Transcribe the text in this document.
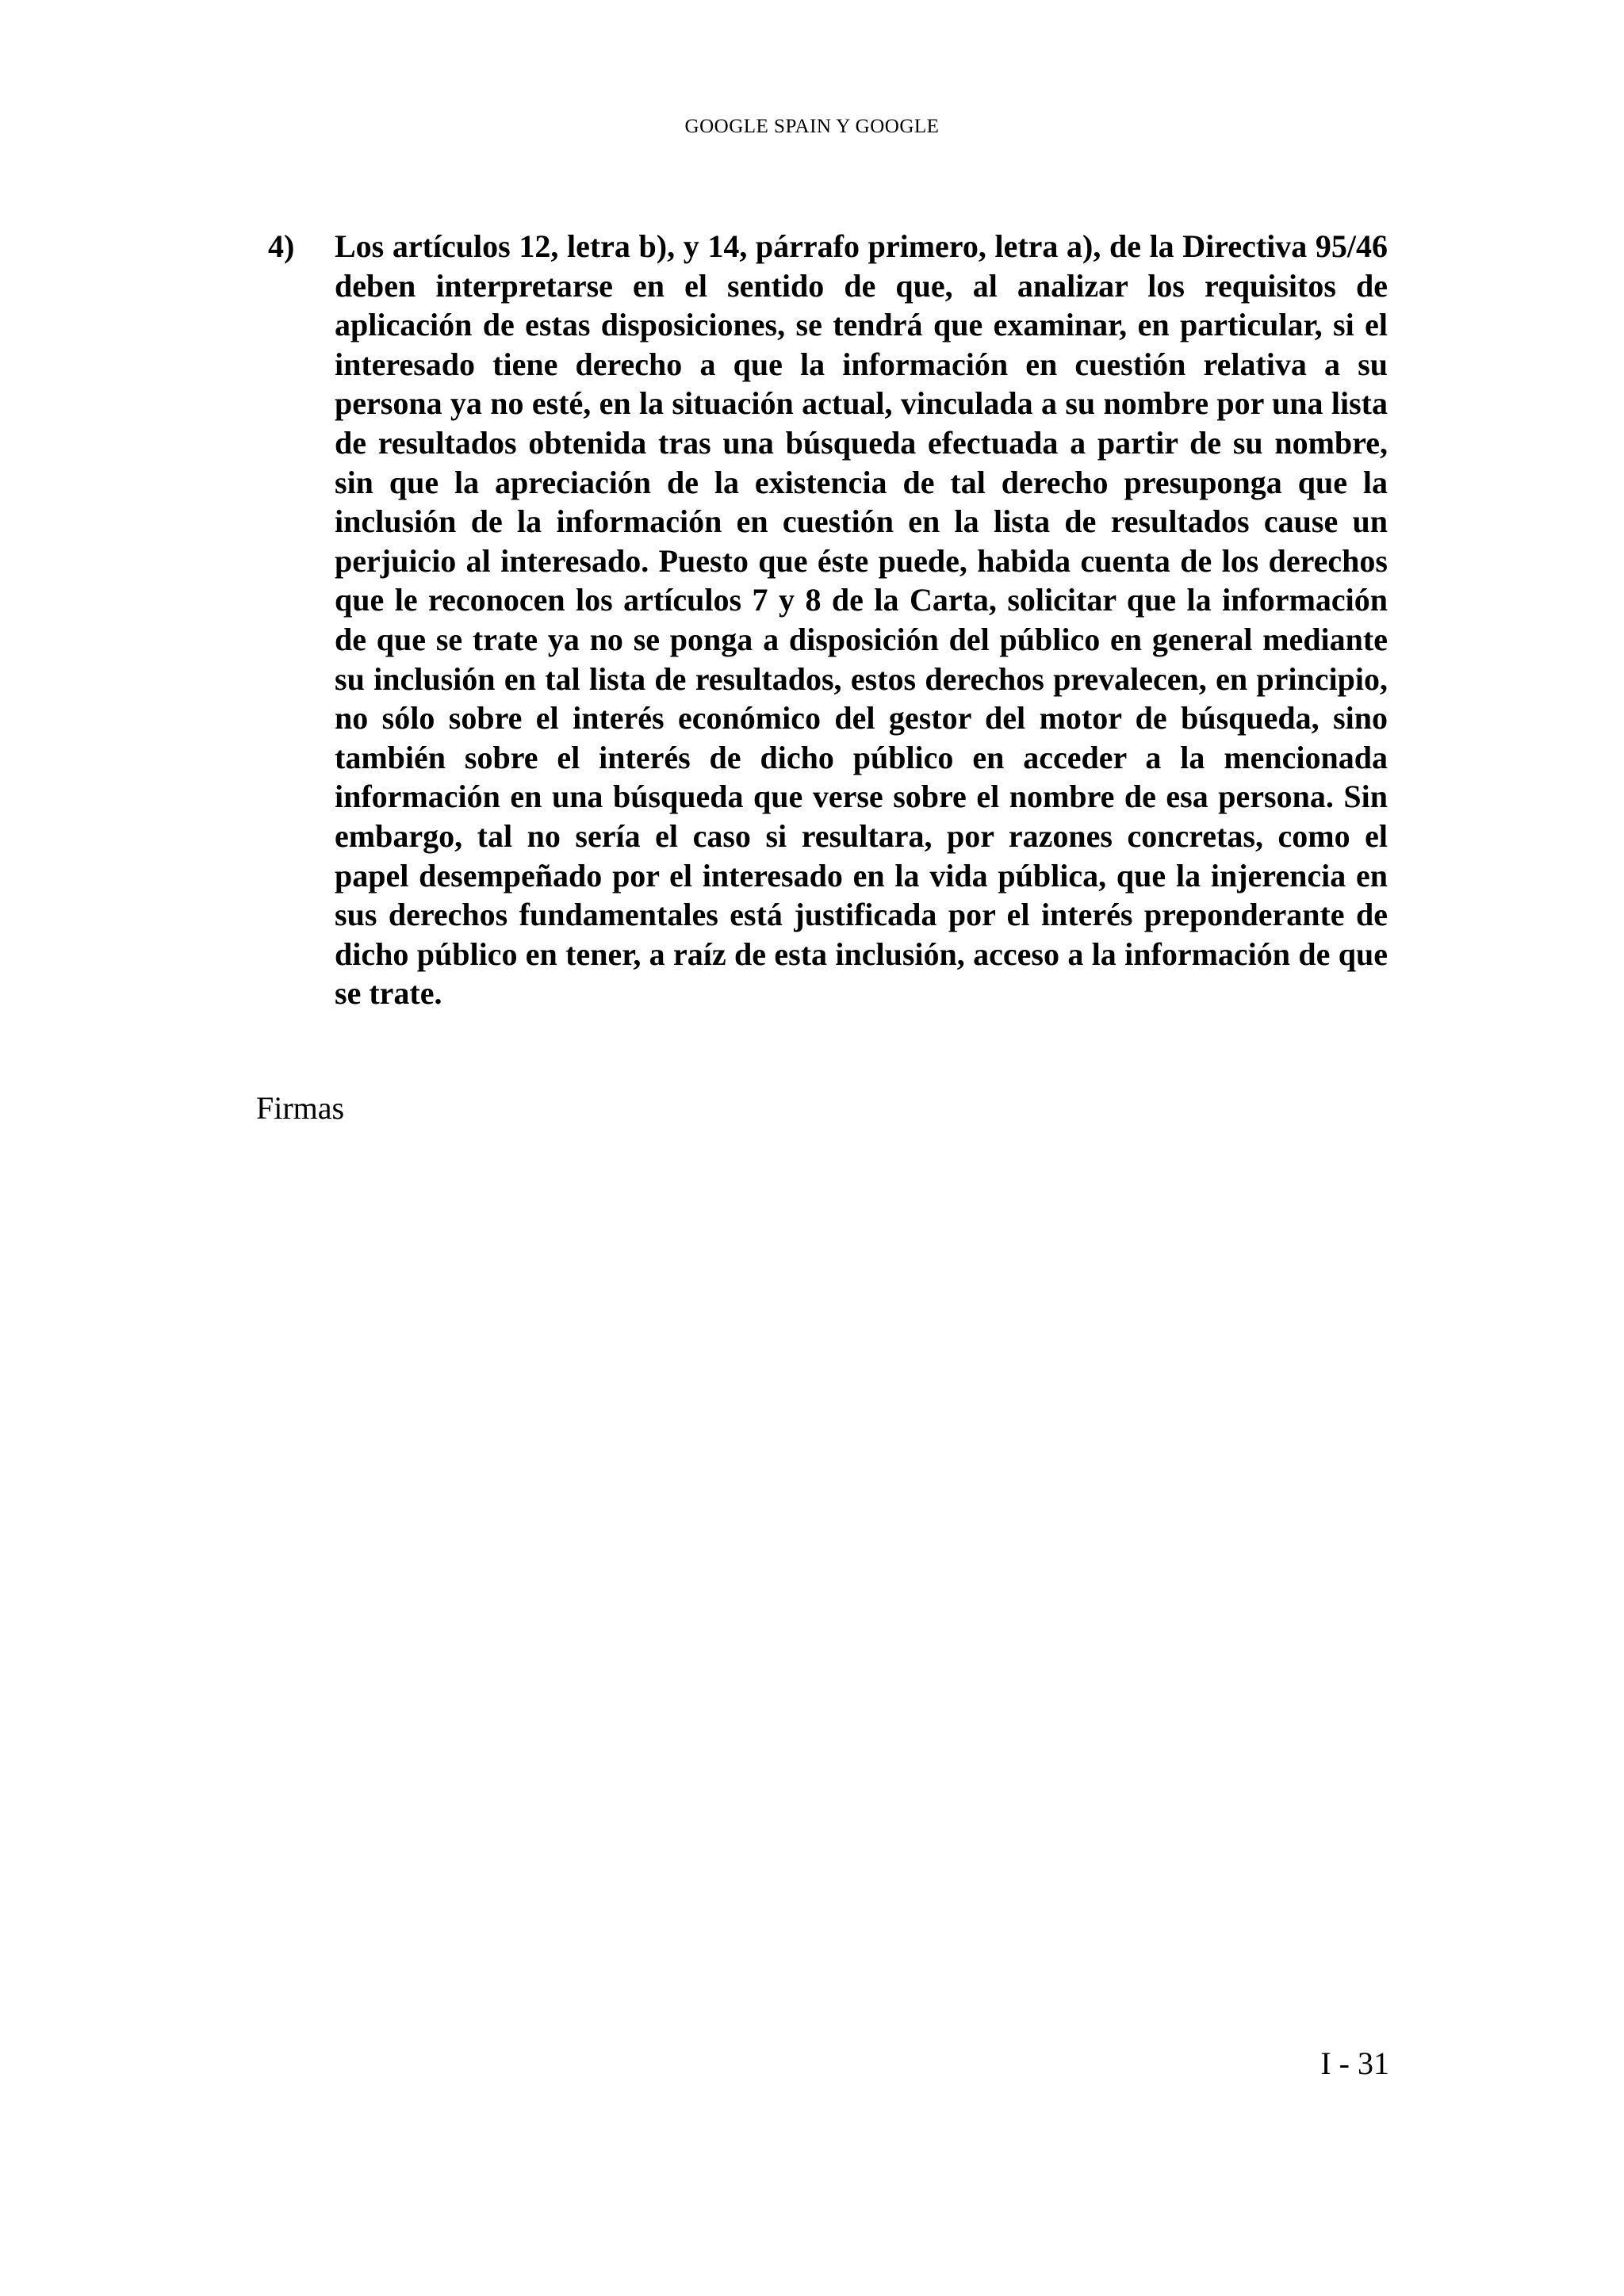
GOOGLE SPAIN Y GOOGLE
4) Los artículos 12, letra b), y 14, párrafo primero, letra a), de la Directiva 95/46 deben interpretarse en el sentido de que, al analizar los requisitos de aplicación de estas disposiciones, se tendrá que examinar, en particular, si el interesado tiene derecho a que la información en cuestión relativa a su persona ya no esté, en la situación actual, vinculada a su nombre por una lista de resultados obtenida tras una búsqueda efectuada a partir de su nombre, sin que la apreciación de la existencia de tal derecho presuponga que la inclusión de la información en cuestión en la lista de resultados cause un perjuicio al interesado. Puesto que éste puede, habida cuenta de los derechos que le reconocen los artículos 7 y 8 de la Carta, solicitar que la información de que se trate ya no se ponga a disposición del público en general mediante su inclusión en tal lista de resultados, estos derechos prevalecen, en principio, no sólo sobre el interés económico del gestor del motor de búsqueda, sino también sobre el interés de dicho público en acceder a la mencionada información en una búsqueda que verse sobre el nombre de esa persona. Sin embargo, tal no sería el caso si resultara, por razones concretas, como el papel desempeñado por el interesado en la vida pública, que la injerencia en sus derechos fundamentales está justificada por el interés preponderante de dicho público en tener, a raíz de esta inclusión, acceso a la información de que se trate.

Firmas
I - 31
